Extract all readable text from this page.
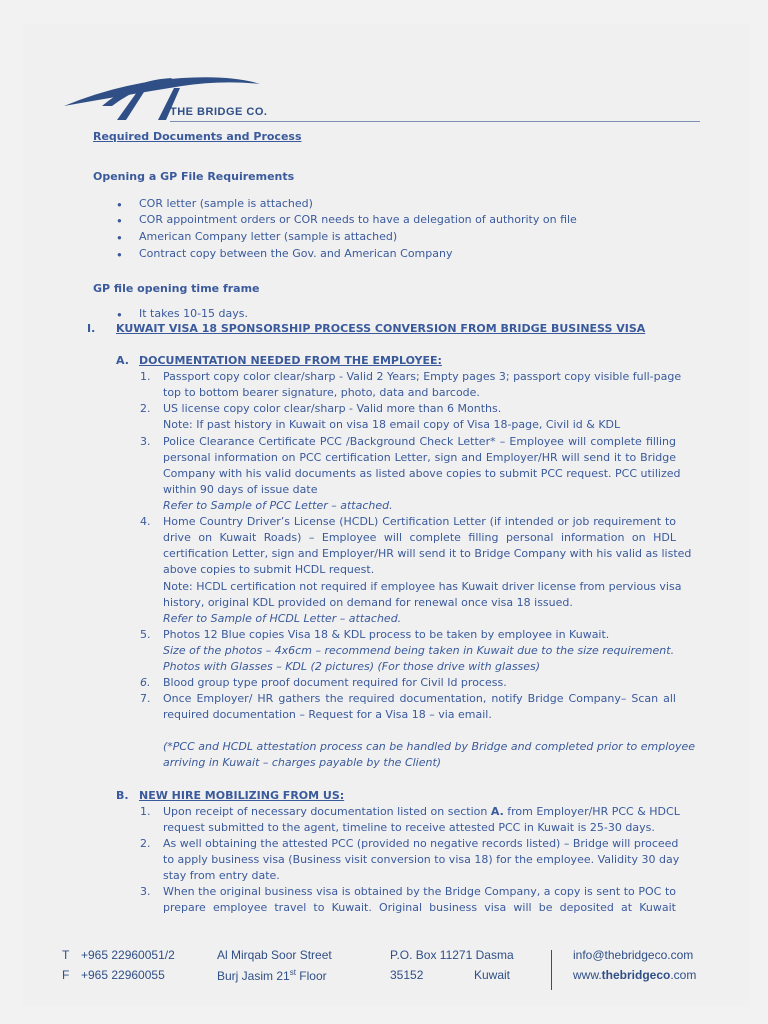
THE BRIDGE CO.
Required Documents and Process
Opening a GP File Requirements
● COR letter (sample is attached)
● COR appointment orders or COR needs to have a delegation of authority on file
● American Company letter (sample is attached)
● Contract copy between the Gov. and American Company
GP file opening time frame
● It takes 10-15 days.
I. KUWAIT VISA 18 SPONSORSHIP PROCESS CONVERSION FROM BRIDGE BUSINESS VISA
A. DOCUMENTATION NEEDED FROM THE EMPLOYEE:
1. Passport copy color clear/sharp - Valid 2 Years; Empty pages 3; passport copy visible full-page
top to bottom bearer signature, photo, data and barcode.
2. US license copy color clear/sharp - Valid more than 6 Months.
Note: If past history in Kuwait on visa 18 email copy of Visa 18-page, Civil id & KDL
3. Police Clearance Certificate PCC /Background Check Letter* – Employee will complete filling
personal information on PCC certification Letter, sign and Employer/HR will send it to Bridge
Company with his valid documents as listed above copies to submit PCC request. PCC utilized
within 90 days of issue date
Refer to Sample of PCC Letter – attached.
4. Home Country Driver’s License (HCDL) Certification Letter (if intended or job requirement to
drive on Kuwait Roads) – Employee will complete filling personal information on HDL
certification Letter, sign and Employer/HR will send it to Bridge Company with his valid as listed
above copies to submit HCDL request.
Note: HCDL certification not required if employee has Kuwait driver license from pervious visa
history, original KDL provided on demand for renewal once visa 18 issued.
Refer to Sample of HCDL Letter – attached.
5. Photos 12 Blue copies Visa 18 & KDL process to be taken by employee in Kuwait.
Size of the photos – 4x6cm – recommend being taken in Kuwait due to the size requirement.
Photos with Glasses – KDL (2 pictures) (For those drive with glasses)
6. Blood group type proof document required for Civil Id process.
7. Once Employer/ HR gathers the required documentation, notify Bridge Company– Scan all
required documentation – Request for a Visa 18 – via email.
(*PCC and HCDL attestation process can be handled by Bridge and completed prior to employee
arriving in Kuwait – charges payable by the Client)
B. NEW HIRE MOBILIZING FROM US:
1. Upon receipt of necessary documentation listed on section A. from Employer/HR PCC & HDCL
request submitted to the agent, timeline to receive attested PCC in Kuwait is 25-30 days.
2. As well obtaining the attested PCC (provided no negative records listed) – Bridge will proceed
to apply business visa (Business visit conversion to visa 18) for the employee. Validity 30 day
stay from entry date.
3. When the original business visa is obtained by the Bridge Company, a copy is sent to POC to
prepare employee travel to Kuwait. Original business visa will be deposited at Kuwait
T +965 22960051/2
F +965 22960055
Al Mirqab Soor Street
Burj Jasim 21st Floor
P.O. Box 11271 Dasma
35152	Kuwait
info@thebridgeco.com
www.thebridgeco.com
